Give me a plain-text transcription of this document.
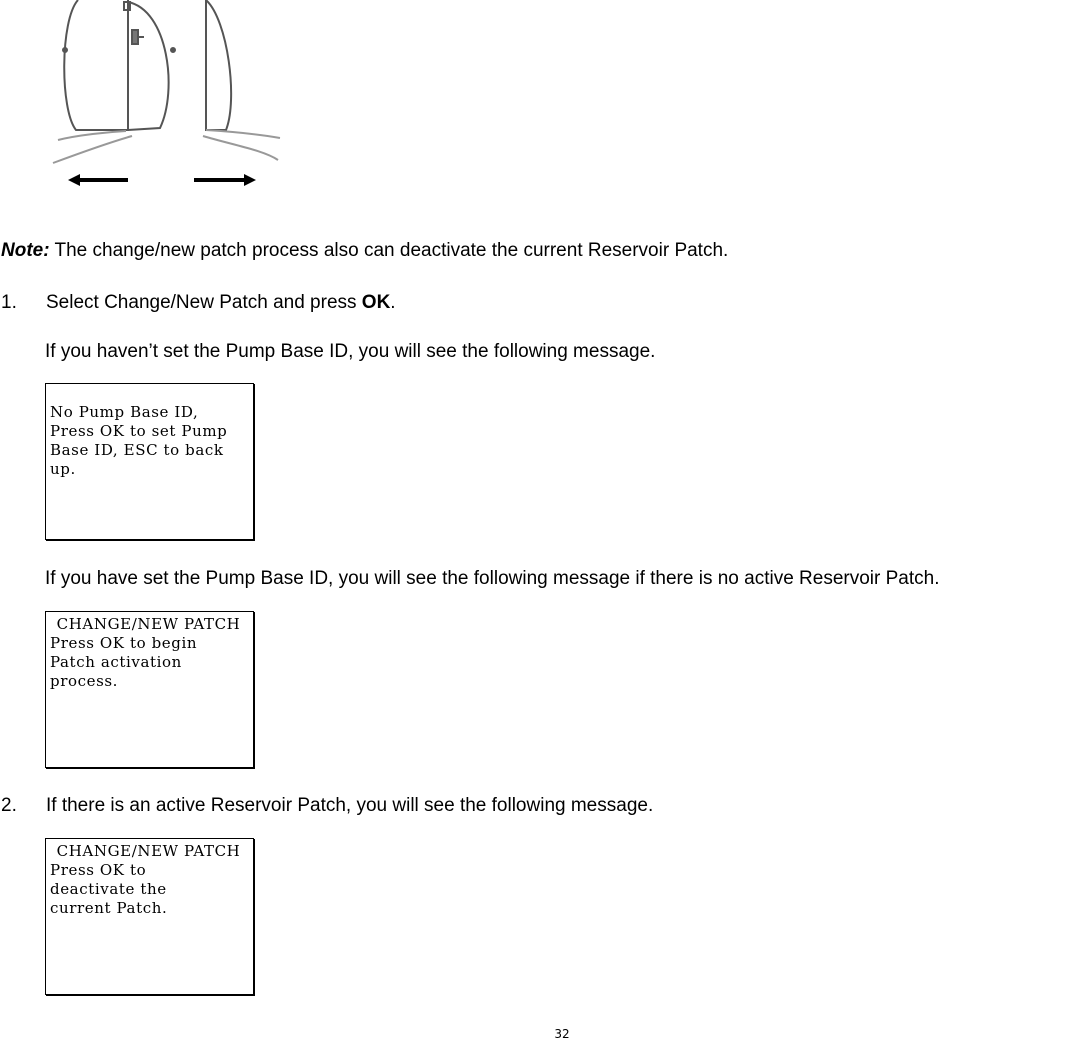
Note: The change/new patch process also can deactivate the current Reservoir Patch.
1. Select Change/New Patch and press OK.
If you haven’t set the Pump Base ID, you will see the following message.
No Pump Base ID,
Press OK to set Pump
Base ID, ESC to back
up.
If you have set the Pump Base ID, you will see the following message if there is no active Reservoir Patch.
CHANGE/NEW PATCH
Press OK to begin
Patch activation
process.
2. If there is an active Reservoir Patch, you will see the following message.
CHANGE/NEW PATCH
Press OK to
deactivate the
current Patch.
32
